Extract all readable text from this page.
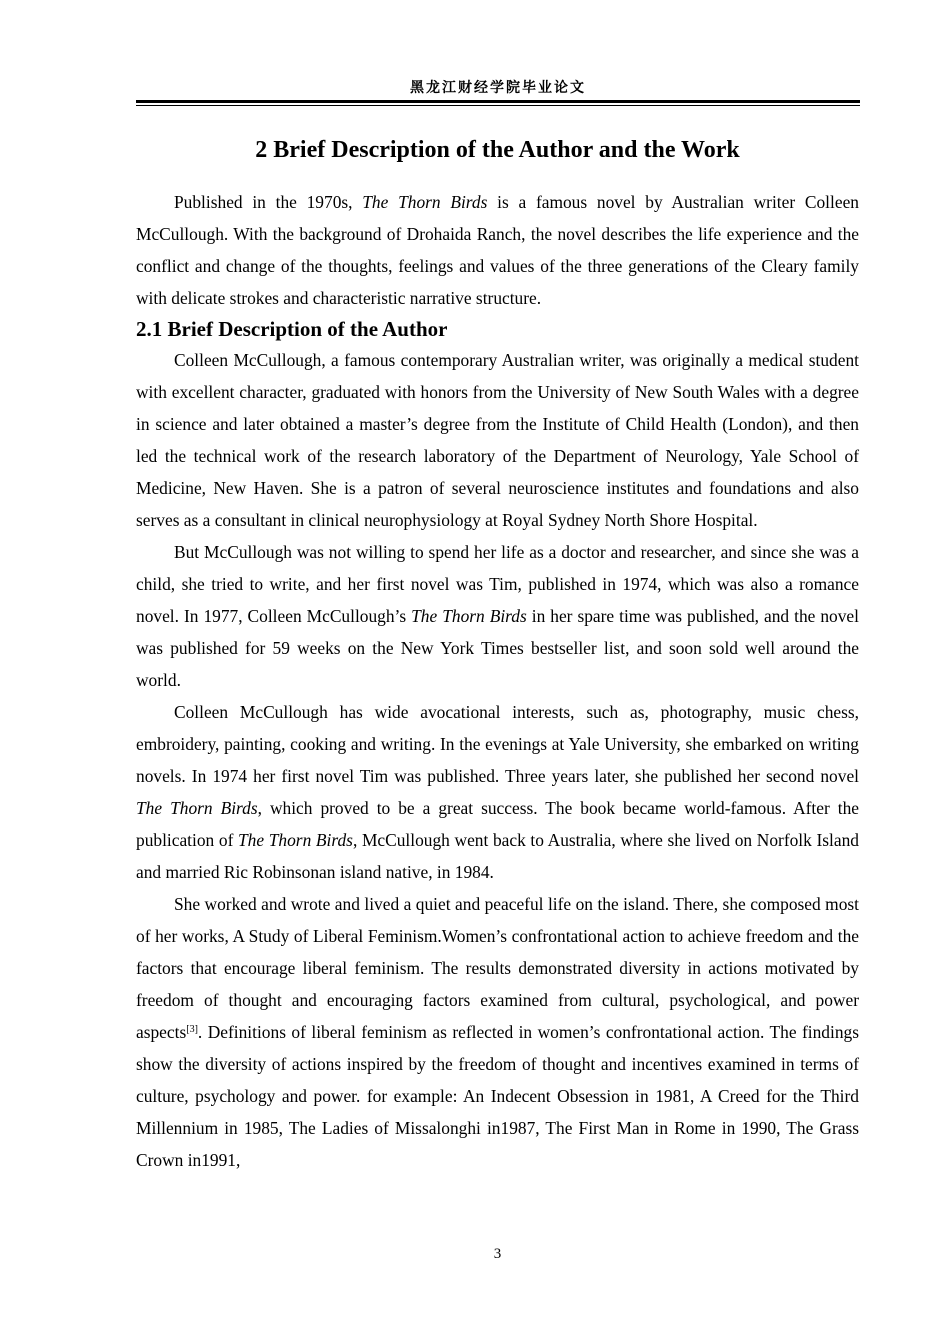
黑龙江财经学院毕业论文
2 Brief Description of the Author and the Work

Published in the 1970s, The Thorn Birds is a famous novel by Australian writer Colleen McCullough. With the background of Drohaida Ranch, the novel describes the life experience and the conflict and change of the thoughts, feelings and values of the three generations of the Cleary family with delicate strokes and characteristic narrative structure.

2.1 Brief Description of the Author

Colleen McCullough, a famous contemporary Australian writer, was originally a medical student with excellent character, graduated with honors from the University of New South Wales with a degree in science and later obtained a master’s degree from the Institute of Child Health (London), and then led the technical work of the research laboratory of the Department of Neurology, Yale School of Medicine, New Haven. She is a patron of several neuroscience institutes and foundations and also serves as a consultant in clinical neurophysiology at Royal Sydney North Shore Hospital.

But McCullough was not willing to spend her life as a doctor and researcher, and since she was a child, she tried to write, and her first novel was Tim, published in 1974, which was also a romance novel. In 1977, Colleen McCullough’s The Thorn Birds in her spare time was published, and the novel was published for 59 weeks on the New York Times bestseller list, and soon sold well around the world.

Colleen McCullough has wide avocational interests, such as, photography, music chess, embroidery, painting, cooking and writing. In the evenings at Yale University, she embarked on writing novels. In 1974 her first novel Tim was published. Three years later, she published her second novel The Thorn Birds, which proved to be a great success. The book became world-famous. After the publication of The Thorn Birds, McCullough went back to Australia, where she lived on Norfolk Island and married Ric Robinsonan island native, in 1984.

She worked and wrote and lived a quiet and peaceful life on the island. There, she composed most of her works, A Study of Liberal Feminism.Women’s confrontational action to achieve freedom and the factors that encourage liberal feminism. The results demonstrated diversity in actions motivated by freedom of thought and encouraging factors examined from cultural, psychological, and power aspects[3]. Definitions of liberal feminism as reflected in women’s confrontational action. The findings show the diversity of actions inspired by the freedom of thought and incentives examined in terms of culture, psychology and power. for example: An Indecent Obsession in 1981, A Creed for the Third Millennium in 1985, The Ladies of Missalonghi in1987, The First Man in Rome in 1990, The Grass Crown in1991,

3
